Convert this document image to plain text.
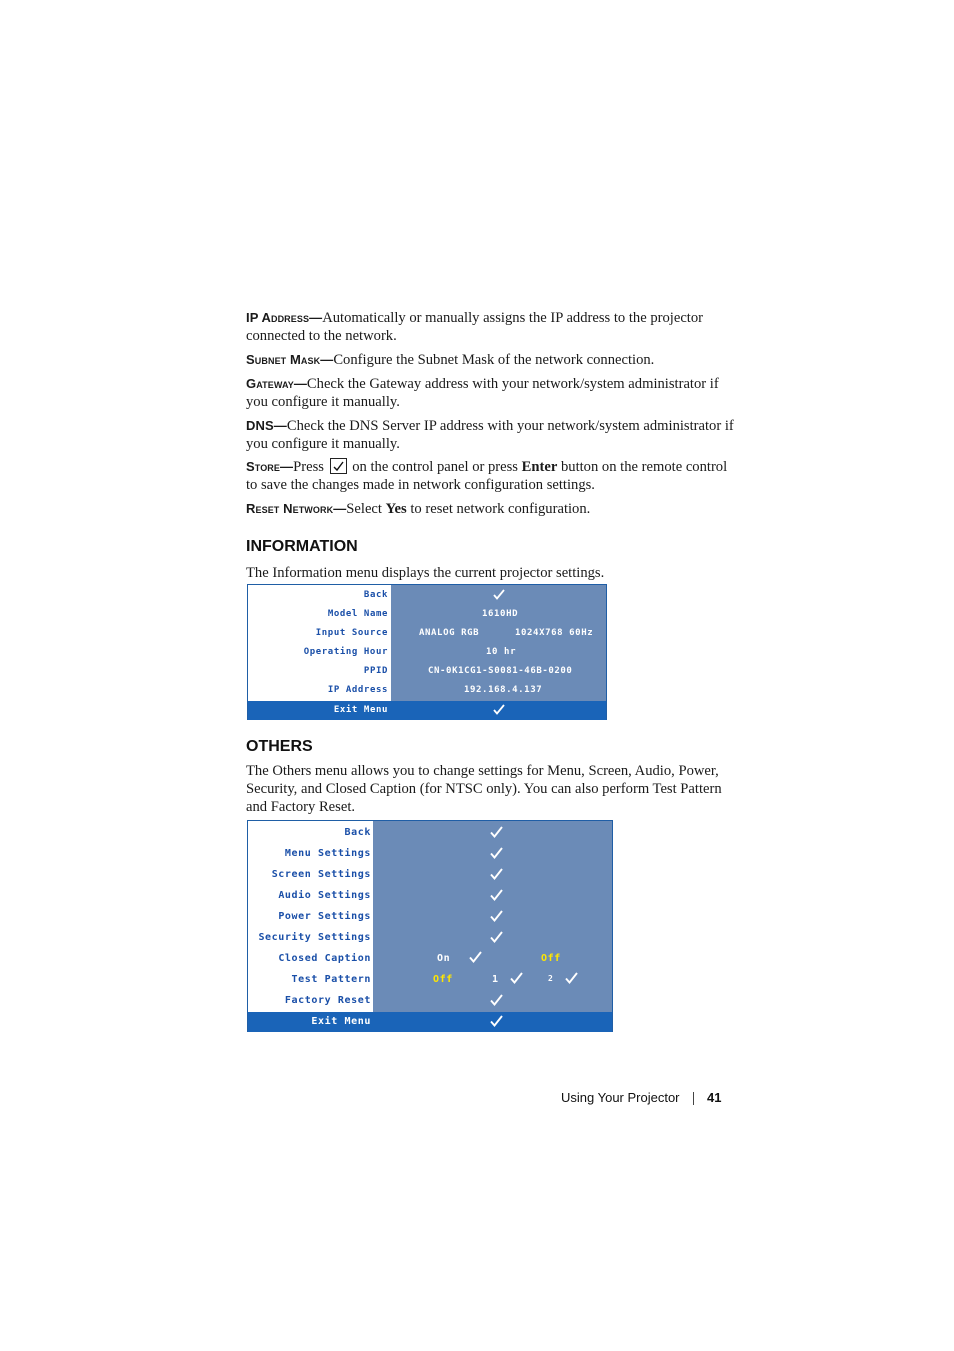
IP Address—Automatically or manually assigns the IP address to the projector connected to the network.
Subnet Mask—Configure the Subnet Mask of the network connection.
Gateway—Check the Gateway address with your network/system administrator if you configure it manually.
DNS—Check the DNS Server IP address with your network/system administrator if you configure it manually.
Store—Press on the control panel or press Enter button on the remote control to save the changes made in network configuration settings.
Reset Network—Select Yes to reset network configuration.
INFORMATION
The Information menu displays the current projector settings.
Back
Model Name	1610HD
Input Source	ANALOG RGB	1024X768 60Hz
Operating Hour	10 hr
PPID	CN-0K1CG1-S0081-46B-0200
IP Address	192.168.4.137
Exit Menu
OTHERS
The Others menu allows you to change settings for Menu, Screen, Audio, Power, Security, and Closed Caption (for NTSC only). You can also perform Test Pattern and Factory Reset.
Back
Menu Settings
Screen Settings
Audio Settings
Power Settings
Security Settings
Closed Caption	On	Off
Test Pattern	Off	1	2
Factory Reset
Exit Menu
Using Your Projector 41
